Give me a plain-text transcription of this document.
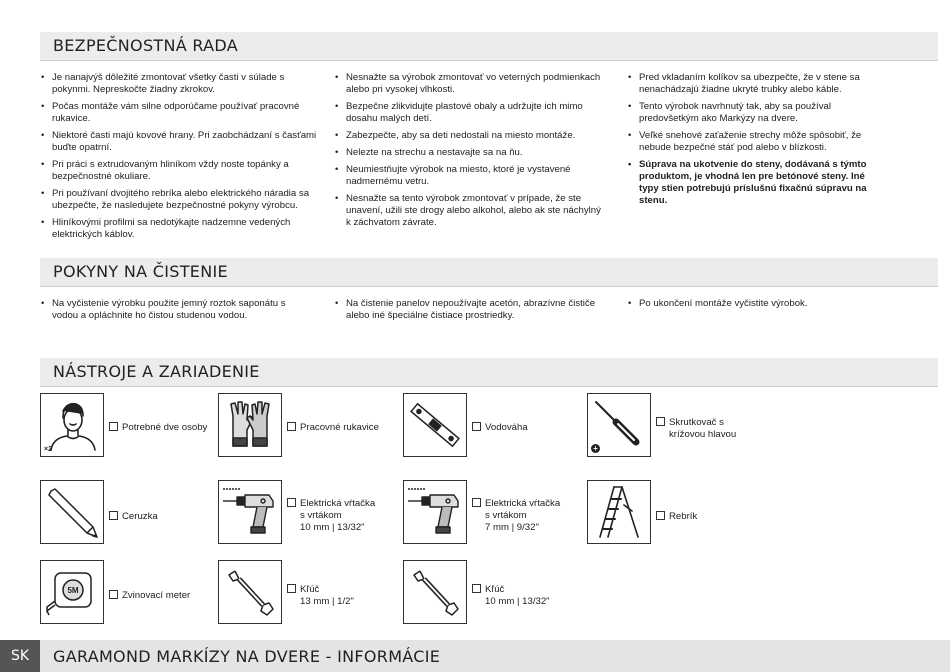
BEZPEČNOSTNÁ RADA
• Je nanajvýš dôležité zmontovať všetky časti v súlade s pokynmi. Nepreskočte žiadny zkrokov.
• Počas montáže vám silne odporúčame používať pracovné rukavice.
• Niektoré časti majú kovové hrany. Pri zaobchádzaní s časťami buďte opatrní.
• Pri práci s extrudovaným hliníkom vždy noste topánky a bezpečnostné okuliare.
• Pri používaní dvojitého rebríka alebo elektrického náradia sa ubezpečte, že nasledujete bezpečnostné pokyny výrobcu.
• Hliníkovými profilmi sa nedotýkajte nadzemne vedených elektrických káblov.
• Nesnažte sa výrobok zmontovať vo veterných podmienkach alebo pri vysokej vlhkosti.
• Bezpečne zlikvidujte plastové obaly a udržujte ich mimo dosahu malých detí.
• Zabezpečte, aby sa deti nedostali na miesto montáže.
• Nelezte na strechu a nestavajte sa na ňu.
• Neumiestňujte výrobok na miesto, ktoré je vystavené nadmernému vetru.
• Nesnažte sa tento výrobok zmontovať v prípade, že ste unavení, užili ste drogy alebo alkohol, alebo ak ste náchylný k záchvatom závrate.
• Pred vkladaním kolíkov sa ubezpečte, že v stene sa nenachádzajú žiadne ukryté trubky alebo káble.
• Tento výrobok navrhnutý tak, aby sa používal predovšetkým ako Markýzy na dvere.
• Veľké snehové zaťaženie strechy môže spôsobiť, že nebude bezpečné stáť pod alebo v blízkosti.
• Súprava na ukotvenie do steny, dodávaná s týmto produktom, je vhodná len pre betónové steny. Iné typy stien potrebujú príslušnú fixačnú súpravu na stenu.
POKYNY NA ČISTENIE
• Na vyčistenie výrobku použite jemný roztok saponátu s vodou a opláchnite ho čistou studenou vodou.
• Na čistenie panelov nepoužívajte acetón, abrazívne čističe alebo iné špeciálne čistiace prostriedky.
• Po ukončení montáže vyčistite výrobok.
NÁSTROJE A ZARIADENIE
×2
Potrebné dve osoby	Pracovné rukavice	Vodováha
+
Skrutkovač s
krížovou hlavou
Ceruzka
Elektrická vŕtačka
s vrtákom
10 mm | 13/32"
Elektrická vŕtačka
s vrtákom
7 mm | 9/32"
Rebrík
5M	Zvinovací meter
Kľúč
13 mm | 1/2"
Kľúč
10 mm | 13/32"
SK	GARAMOND MARKÍZY NA DVERE - INFORMÁCIE
